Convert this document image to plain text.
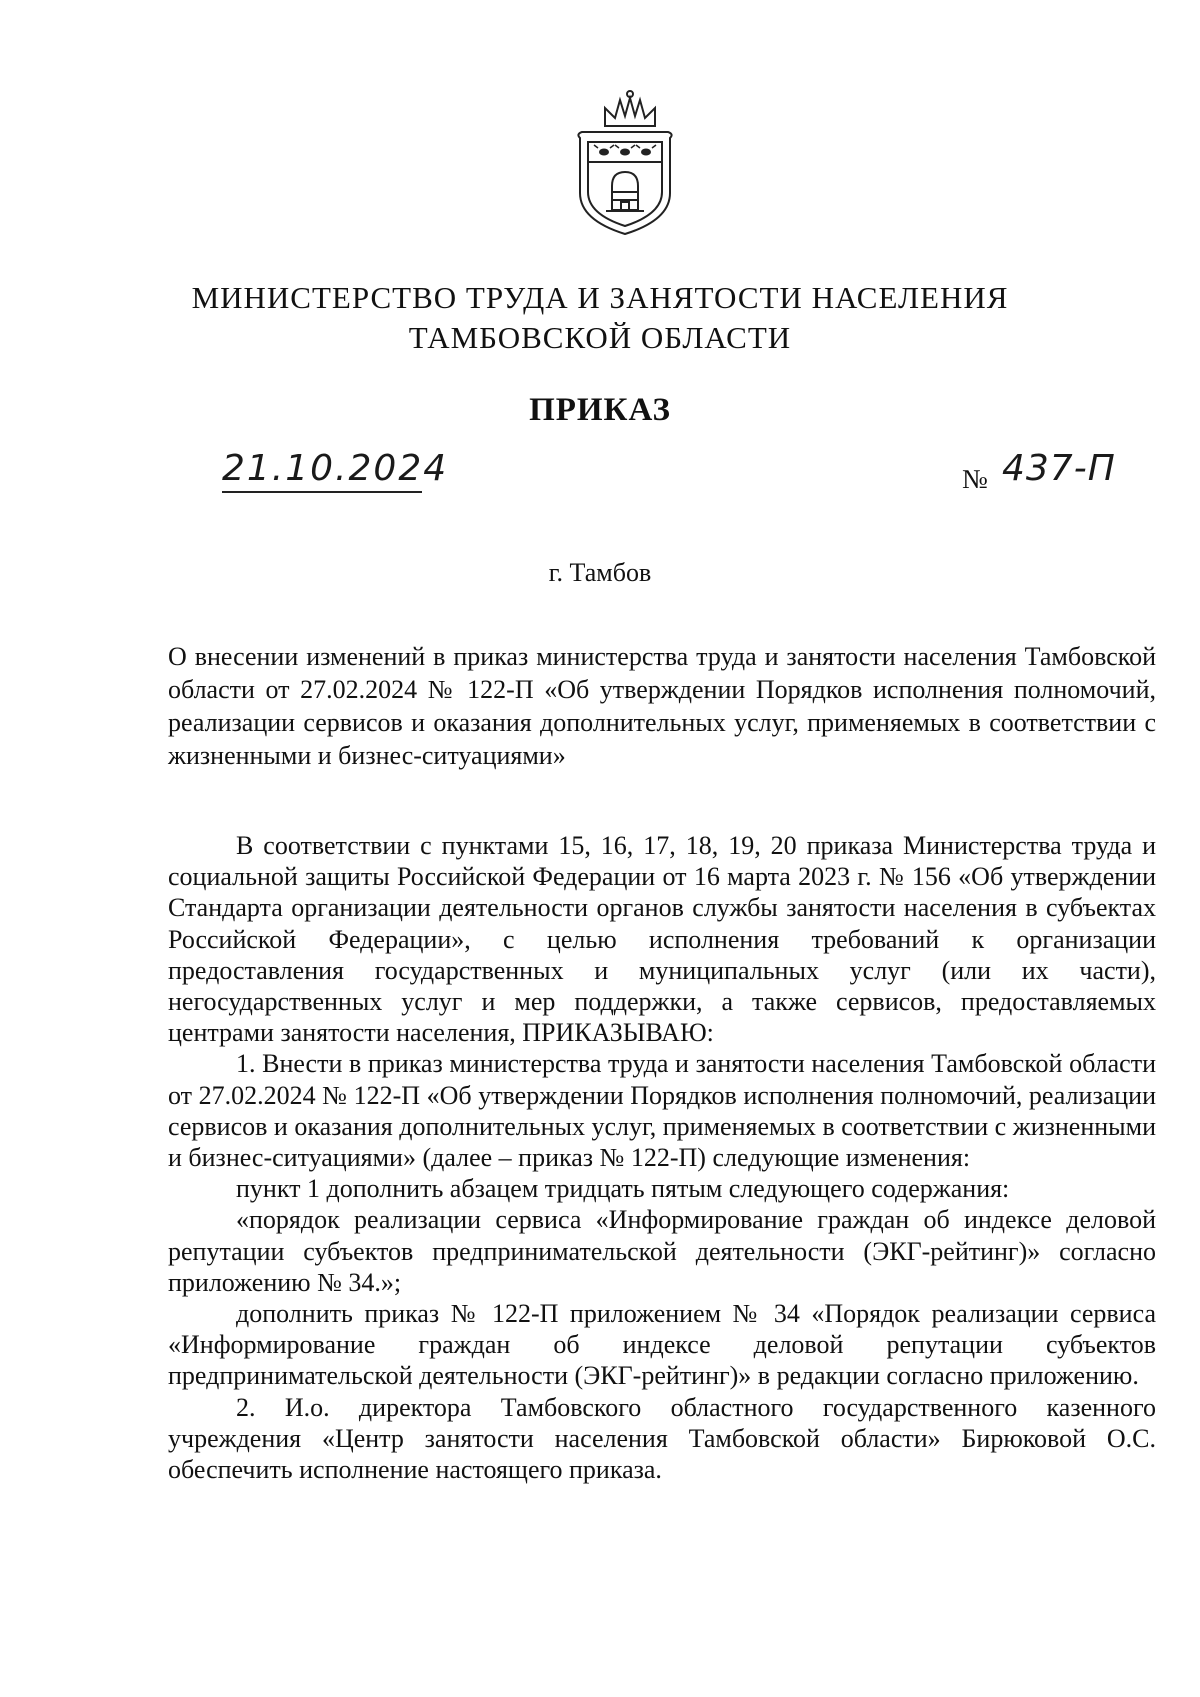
МИНИСТЕРСТВО ТРУДА И ЗАНЯТОСТИ НАСЕЛЕНИЯ
ТАМБОВСКОЙ ОБЛАСТИ
ПРИКАЗ
21.10.2024	№ 437-П
г. Тамбов
О внесении изменений в приказ министерства труда и занятости населения Тамбовской области от 27.02.2024 № 122-П «Об утверждении Порядков исполнения полномочий, реализации сервисов и оказания дополнительных услуг, применяемых в соответствии с жизненными и бизнес-ситуациями»

В соответствии с пунктами 15, 16, 17, 18, 19, 20 приказа Министерства труда и социальной защиты Российской Федерации от 16 марта 2023 г. № 156 «Об утверждении Стандарта организации деятельности органов службы занятости населения в субъектах Российской Федерации», с целью исполнения требований к организации предоставления государственных и муниципальных услуг (или их части), негосударственных услуг и мер поддержки, а также сервисов, предоставляемых центрами занятости населения, ПРИКАЗЫВАЮ:

1. Внести в приказ министерства труда и занятости населения Тамбовской области от 27.02.2024 № 122-П «Об утверждении Порядков исполнения полномочий, реализации сервисов и оказания дополнительных услуг, применяемых в соответствии с жизненными и бизнес-ситуациями» (далее – приказ № 122-П) следующие изменения:

пункт 1 дополнить абзацем тридцать пятым следующего содержания:

«порядок реализации сервиса «Информирование граждан об индексе деловой репутации субъектов предпринимательской деятельности (ЭКГ-рейтинг)» согласно приложению № 34.»;

дополнить приказ № 122-П приложением № 34 «Порядок реализации сервиса «Информирование граждан об индексе деловой репутации субъектов предпринимательской деятельности (ЭКГ-рейтинг)» в редакции согласно приложению.

2. И.о. директора Тамбовского областного государственного казенного учреждения «Центр занятости населения Тамбовской области» Бирюковой О.С. обеспечить исполнение настоящего приказа.
